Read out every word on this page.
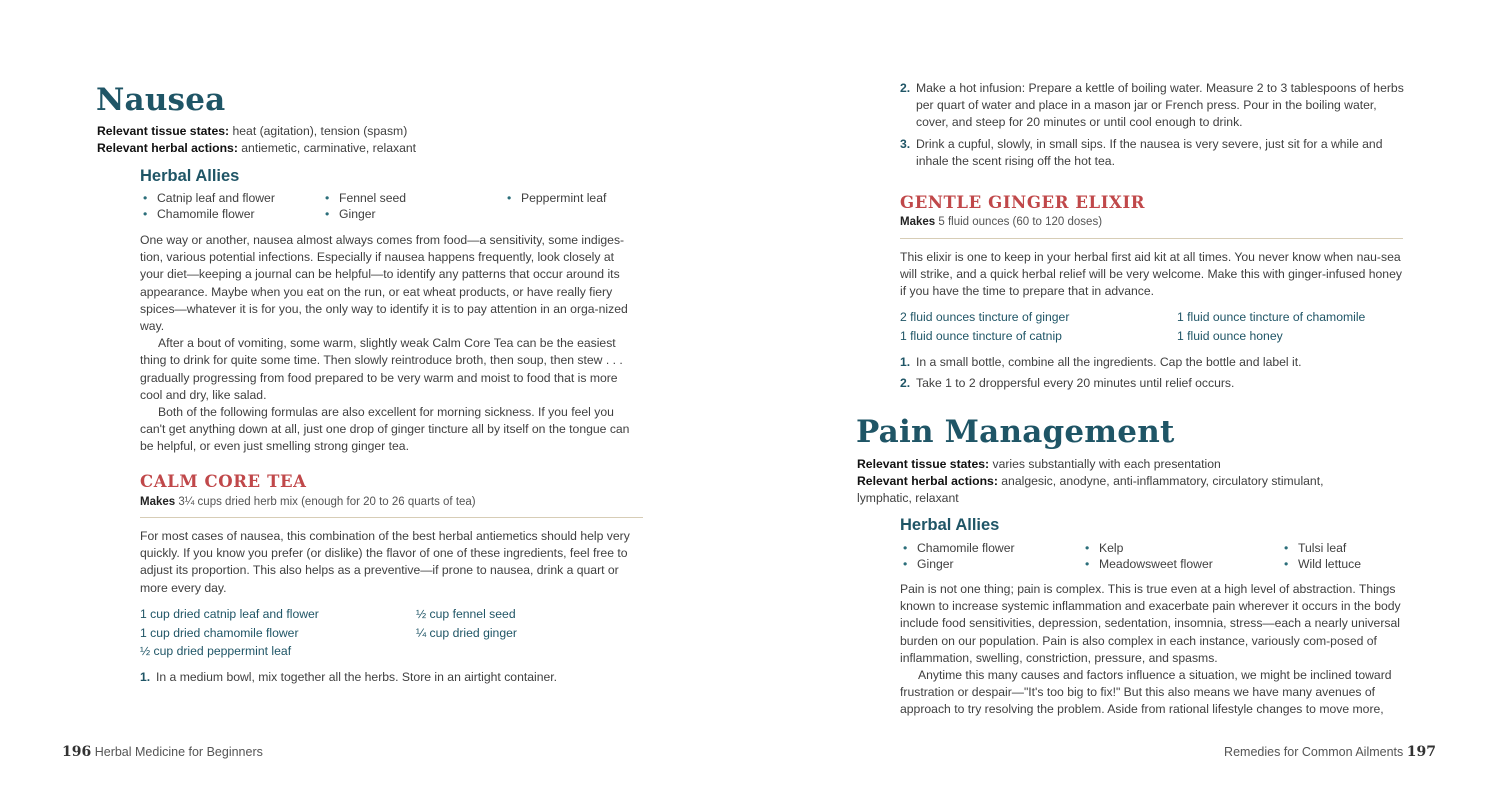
Nausea
Relevant tissue states: heat (agitation), tension (spasm)
Relevant herbal actions: antiemetic, carminative, relaxant
Herbal Allies
• Catnip leaf and flower
• Chamomile flower
• Fennel seed
• Ginger
• Peppermint leaf

One way or another, nausea almost always comes from food—a sensitivity, some indiges-tion, various potential infections. Especially if nausea happens frequently, look closely at your diet—keeping a journal can be helpful—to identify any patterns that occur around its appearance. Maybe when you eat on the run, or eat wheat products, or have really fiery spices—whatever it is for you, the only way to identify it is to pay attention in an orga-nized way.

After a bout of vomiting, some warm, slightly weak Calm Core Tea can be the easiest thing to drink for quite some time. Then slowly reintroduce broth, then soup, then stew . . . gradually progressing from food prepared to be very warm and moist to food that is more cool and dry, like salad.

Both of the following formulas are also excellent for morning sickness. If you feel you can't get anything down at all, just one drop of ginger tincture all by itself on the tongue can be helpful, or even just smelling strong ginger tea.

CALM CORE TEA
Makes 3¼ cups dried herb mix (enough for 20 to 26 quarts of tea)

For most cases of nausea, this combination of the best herbal antiemetics should help very quickly. If you know you prefer (or dislike) the flavor of one of these ingredients, feel free to adjust its proportion. This also helps as a preventive—if prone to nausea, drink a quart or more every day.

1 cup dried catnip leaf and flower
1 cup dried chamomile flower
½ cup dried peppermint leaf
½ cup fennel seed
¼ cup dried ginger
1. In a medium bowl, mix together all the herbs. Store in an airtight container.
196 Herbal Medicine for Beginners
2. Make a hot infusion: Prepare a kettle of boiling water. Measure 2 to 3 tablespoons of herbs per quart of water and place in a mason jar or French press. Pour in the boiling water, cover, and steep for 20 minutes or until cool enough to drink.
3. Drink a cupful, slowly, in small sips. If the nausea is very severe, just sit for a while and inhale the scent rising off the hot tea.
GENTLE GINGER ELIXIR
Makes 5 fluid ounces (60 to 120 doses)

This elixir is one to keep in your herbal first aid kit at all times. You never know when nau-sea will strike, and a quick herbal relief will be very welcome. Make this with ginger-infused honey if you have the time to prepare that in advance.

2 fluid ounces tincture of ginger
1 fluid ounce tincture of catnip
1 fluid ounce tincture of chamomile
1 fluid ounce honey
1. In a small bottle, combine all the ingredients. Cap the bottle and label it.
2. Take 1 to 2 droppersful every 20 minutes until relief occurs.
Pain Management
Relevant tissue states: varies substantially with each presentation
Relevant herbal actions: analgesic, anodyne, anti-inflammatory, circulatory stimulant, lymphatic, relaxant
Herbal Allies
• Chamomile flower
• Ginger
• Kelp
• Meadowsweet flower
• Tulsi leaf
• Wild lettuce

Pain is not one thing; pain is complex. This is true even at a high level of abstraction. Things known to increase systemic inflammation and exacerbate pain wherever it occurs in the body include food sensitivities, depression, sedentation, insomnia, stress—each a nearly universal burden on our population. Pain is also complex in each instance, variously com-posed of inflammation, swelling, constriction, pressure, and spasms.

Anytime this many causes and factors influence a situation, we might be inclined toward frustration or despair—"It's too big to fix!" But this also means we have many avenues of approach to try resolving the problem. Aside from rational lifestyle changes to move more,

Remedies for Common Ailments 197
